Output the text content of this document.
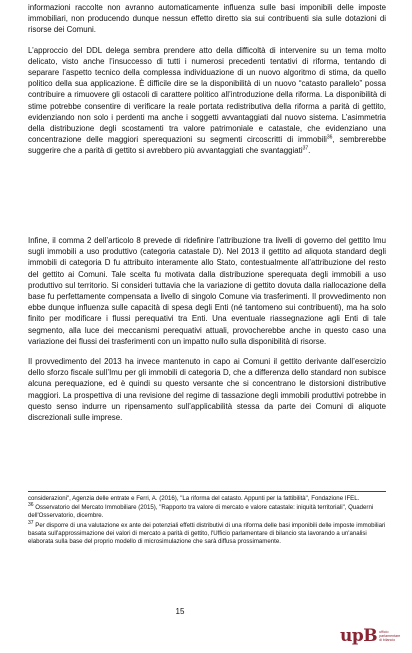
informazioni raccolte non avranno automaticamente influenza sulle basi imponibili delle imposte immobiliari, non producendo dunque nessun effetto diretto sia sui contribuenti sia sulle dotazioni di risorse dei Comuni.

L’approccio del DDL delega sembra prendere atto della difficoltà di intervenire su un tema molto delicato, visto anche l’insuccesso di tutti i numerosi precedenti tentativi di riforma, tentando di separare l’aspetto tecnico della complessa individuazione di un nuovo algoritmo di stima, da quello politico della sua applicazione. È difficile dire se la disponibilità di un nuovo “catasto parallelo” possa contribuire a rimuovere gli ostacoli di carattere politico all’introduzione della riforma. La disponibilità di stime potrebbe consentire di verificare la reale portata redistributiva della riforma a parità di gettito, evidenziando non solo i perdenti ma anche i soggetti avvantaggiati dal nuovo sistema. L’asimmetria della distribuzione degli scostamenti tra valore patrimoniale e catastale, che evidenziano una concentrazione delle maggiori sperequazioni su segmenti circoscritti di immobili$^{36}$, sembrerebbe suggerire che a parità di gettito si avrebbero più avvantaggiati che svantaggiati$^{37}$.

Infine, il comma 2 dell’articolo 8 prevede di ridefinire l’attribuzione tra livelli di governo del gettito Imu sugli immobili a uso produttivo (categoria catastale D). Nel 2013 il gettito ad aliquota standard degli immobili di categoria D fu attribuito interamente allo Stato, contestualmente all’attribuzione del resto del gettito ai Comuni. Tale scelta fu motivata dalla distribuzione sperequata degli immobili a uso produttivo sul territorio. Si consideri tuttavia che la variazione di gettito dovuta dalla riallocazione della base fu perfettamente compensata a livello di singolo Comune via trasferimenti. Il provvedimento non ebbe dunque influenza sulle capacità di spesa degli Enti (né tantomeno sui contribuenti), ma ha solo finito per modificare i flussi perequativi tra Enti. Una eventuale riassegnazione agli Enti di tale segmento, alla luce dei meccanismi perequativi attuali, provocherebbe anche in questo caso una variazione dei flussi dei trasferimenti con un impatto nullo sulla disponibilità di risorse.

Il provvedimento del 2013 ha invece mantenuto in capo ai Comuni il gettito derivante dall’esercizio dello sforzo fiscale sull’Imu per gli immobili di categoria D, che a differenza dello standard non subisce alcuna perequazione, ed è quindi su questo versante che si concentrano le distorsioni distributive maggiori. La prospettiva di una revisione del regime di tassazione degli immobili produttivi potrebbe in questo senso indurre un ripensamento sull’applicabilità stessa da parte dei Comuni di aliquote discrezionali sulle imprese.

considerazioni", Agenzia delle entrate e Ferri, A. (2016), "La riforma del catasto. Appunti per la fattibilità", Fondazione IFEL.

$^{36}$ Osservatorio del Mercato Immobiliare (2015), "Rapporto tra valore di mercato e valore catastale: iniquità territoriali", Quaderni dell'Osservatorio, dicembre.

$^{37}$ Per disporre di una valutazione ex ante dei potenziali effetti distributivi di una riforma delle basi imponibili delle imposte immobiliari basata sull'approssimazione dei valori di mercato a parità di gettito, l'Ufficio parlamentare di bilancio sta lavorando a un'analisi elaborata sulla base del proprio modello di microsimulazione che sarà diffusa prossimamente.

15
upB ufficio
parlamentare
di bilancio
